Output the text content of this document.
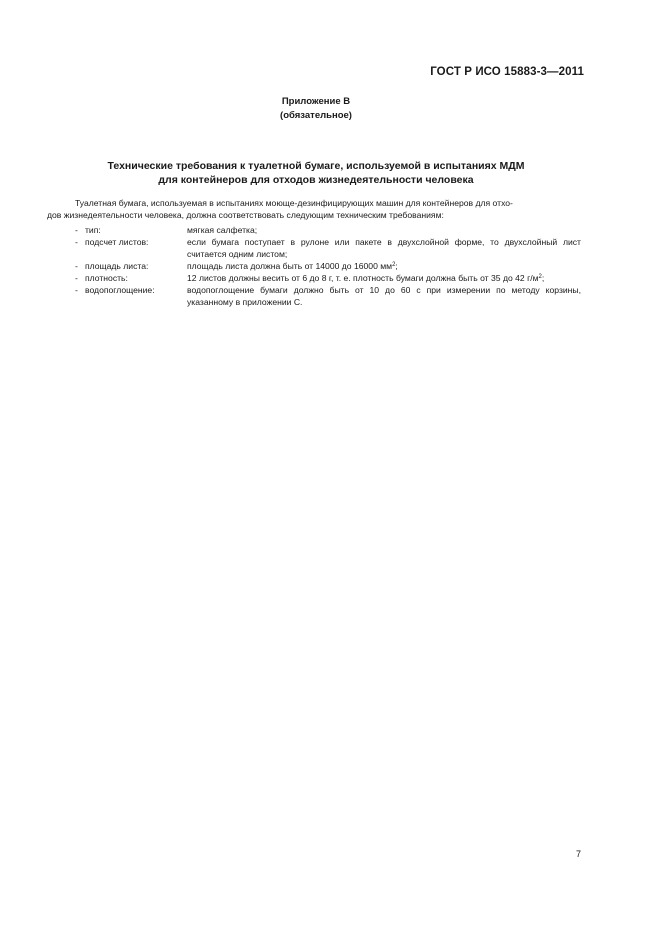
ГОСТ Р ИСО 15883-3—2011
Приложение В
(обязательное)
Технические требования к туалетной бумаге, используемой в испытаниях МДМ
для контейнеров для отходов жизнедеятельности человека
Туалетная бумага, используемая в испытаниях моюще-дезинфицирующих машин для контейнеров для отхо-
дов жизнедеятельности человека, должна соответствовать следующим техническим требованиям:
- тип:	мягкая салфетка;
- подсчет листов:	если бумага поступает в рулоне или пакете в двухслойной форме, то двухслойный лист считается одним листом;
- площадь листа:	площадь листа должна быть от 14000 до 16000 $мм^2$;
- плотность:	12 листов должны весить от 6 до 8 г, т. е. плотность бумаги должна быть от 35 до 42 $г/м^2$;
- водопоглощение:	водопоглощение бумаги должно быть от 10 до 60 с при измерении по методу корзины, указанному в приложении С.
7
